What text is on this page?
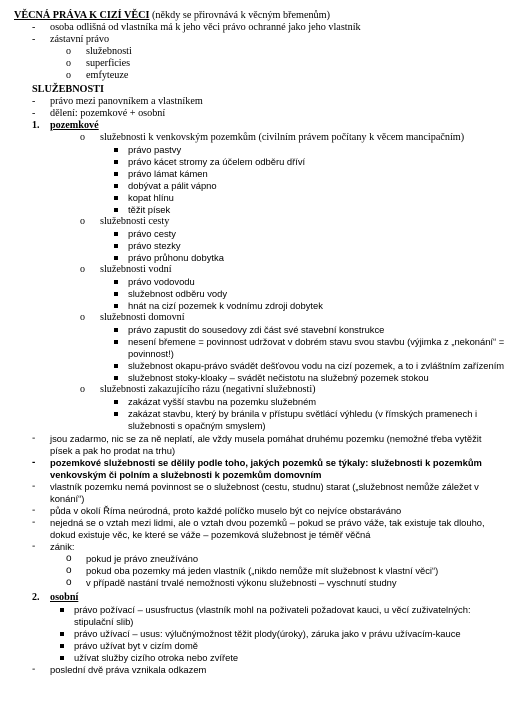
VĚCNÁ PRÁVA K CIZÍ VĚCI (někdy se přirovnává k věcným břemenům)
-	osoba odlišná od vlastníka má k jeho věci právo ochranné jako jeho vlastník
-	zástavní právo
o	služebnosti
o	superficies
o	emfyteuze
SLUŽEBNOSTI
-	právo mezi panovníkem a vlastníkem
-	dělení: pozemkové + osobní
1.	pozemkové
o	služebnosti k venkovským pozemkům (civilním právem počítany k věcem mancipačním)
právo pastvy
právo kácet stromy za účelem odběru dříví
právo lámat kámen
dobývat a pálit vápno
kopat hlínu
těžit písek
o	služebnosti cesty
právo cesty
právo stezky
právo průhonu dobytka
o	služebnosti vodní
právo vodovodu
služebnost odběru vody
hnát na cizí pozemek k vodnímu zdroji dobytek
o	služebnosti domovní
právo zapustit do sousedovy zdi část své stavební konstrukce
nesení břemene = povinnost udržovat v dobrém stavu svou stavbu (výjimka z „nekonání“ = povinnost!)
služebnost okapu-právo svádět dešťovou vodu na cizí pozemek, a to i zvláštním zařízením
služebnost stoky-kloaky – svádět nečistotu na služebný pozemek stokou
o	služebnosti zakazujícího rázu (negativní služebnosti)
zakázat vyšší stavbu na pozemku služebném
zakázat stavbu, který by bránila v přístupu světlácí výhledu (v římských pramenech i služebnosti s opačným smyslem)
-	jsou zadarmo, nic se za ně neplatí, ale vždy musela pomáhat druhému pozemku (nemožné třeba vytěžit písek a pak ho prodat na trhu)
-	pozemkové služebnosti se dělily podle toho, jakých pozemků se týkaly: služebnosti k pozemkům venkovským či polním a služebnosti k pozemkům domovním
-	vlastník pozemku nemá povinnost se o služebnost (cestu, studnu) starat („služebnost nemůže záležet v konání“)
-	půda v okolí Říma neúrodná, proto každé políčko muselo být co nejvíce obstaráváno
-	nejedná se o vztah mezi lidmi, ale o vztah dvou pozemků – pokud se právo váže, tak existuje tak dlouho, dokud existuje věc, ke které se váže – pozemková služebnost je téměř věčná
-	zánik:
o	pokud je právo zneužíváno
o	pokud oba pozemky má jeden vlastník („nikdo nemůže mít služebnost k vlastní věci“)
o	v případě nastání trvalé nemožnosti výkonu služebnosti – vyschnutí studny
2.	osobní
právo požívací – ususfructus (vlastník mohl na poživateli požadovat kauci, u věcí zuživatelných: stipulační slib)
právo užívací – usus: výlučnýmožnost těžit plody(úroky), záruka jako v právu užívacím-kauce
právo užívat byt v cizím domě
užívat služby cizího otroka nebo zvířete
-	poslední dvě práva vznikala odkazem
